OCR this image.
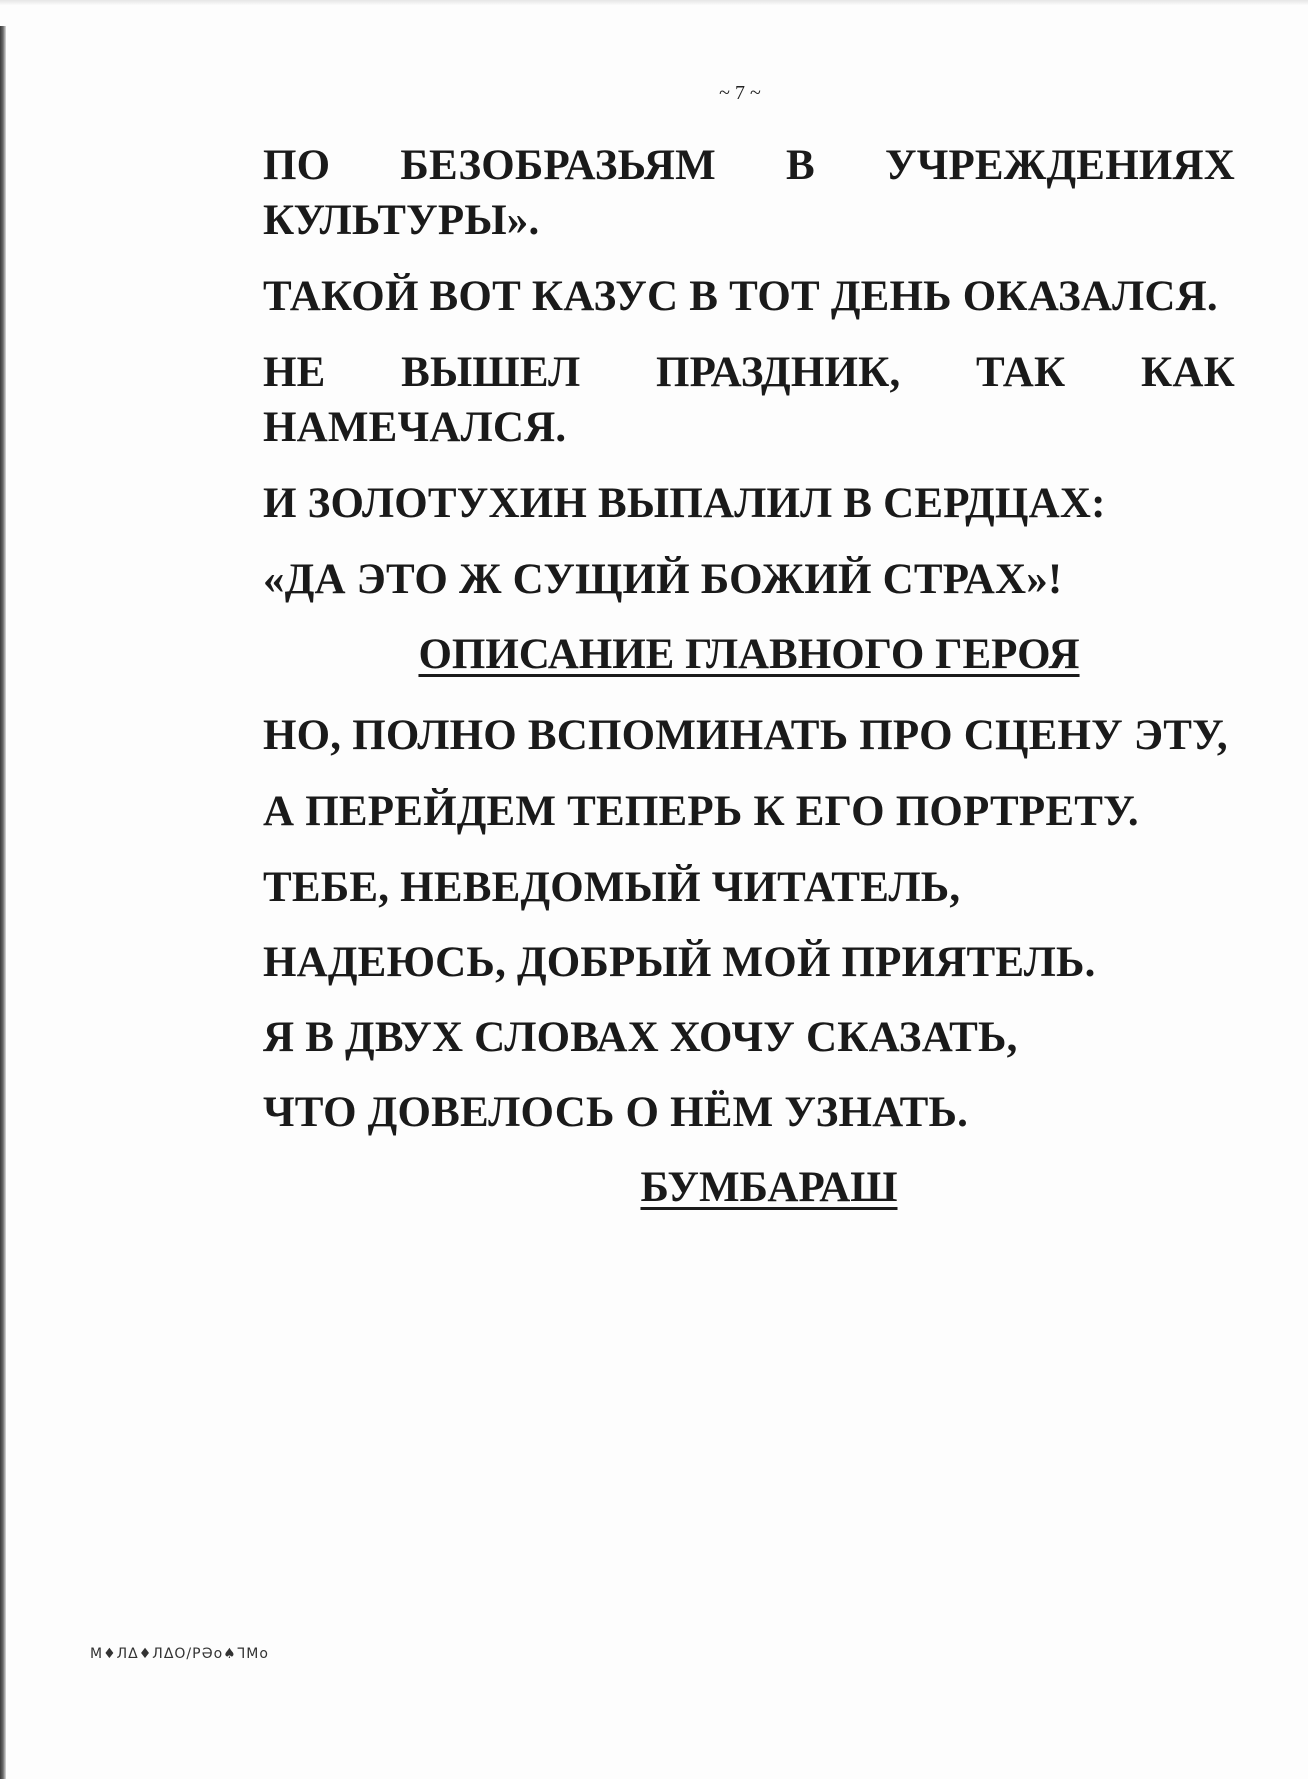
~ 7 ~

ПО БЕЗОБРАЗЬЯМ В УЧРЕЖДЕНИЯХ КУЛЬТУРЫ».

ТАКОЙ ВОТ КАЗУС В ТОТ ДЕНЬ ОКАЗАЛСЯ.

НЕ ВЫШЕЛ ПРАЗДНИК, ТАК КАК НАМЕЧАЛСЯ.

И ЗОЛОТУХИН ВЫПАЛИЛ В СЕРДЦАХ:

«ДА ЭТО Ж СУЩИЙ БОЖИЙ СТРАХ»!

ОПИСАНИЕ ГЛАВНОГО ГЕРОЯ

НО, ПОЛНО ВСПОМИНАТЬ ПРО СЦЕНУ ЭТУ,

А ПЕРЕЙДЕМ ТЕПЕРЬ К ЕГО ПОРТРЕТУ.

ТЕБЕ, НЕВЕДОМЫЙ ЧИТАТЕЛЬ,

НАДЕЮСЬ, ДОБРЫЙ МОЙ ПРИЯТЕЛЬ.

Я В ДВУХ СЛОВАХ ХОЧУ СКАЗАТЬ,

ЧТО ДОВЕЛОСЬ О НЁМ УЗНАТЬ.

БУМБАРАШ
M♦ЛΔ♦ЛΔО/ΡӘо♠ᒣMо
